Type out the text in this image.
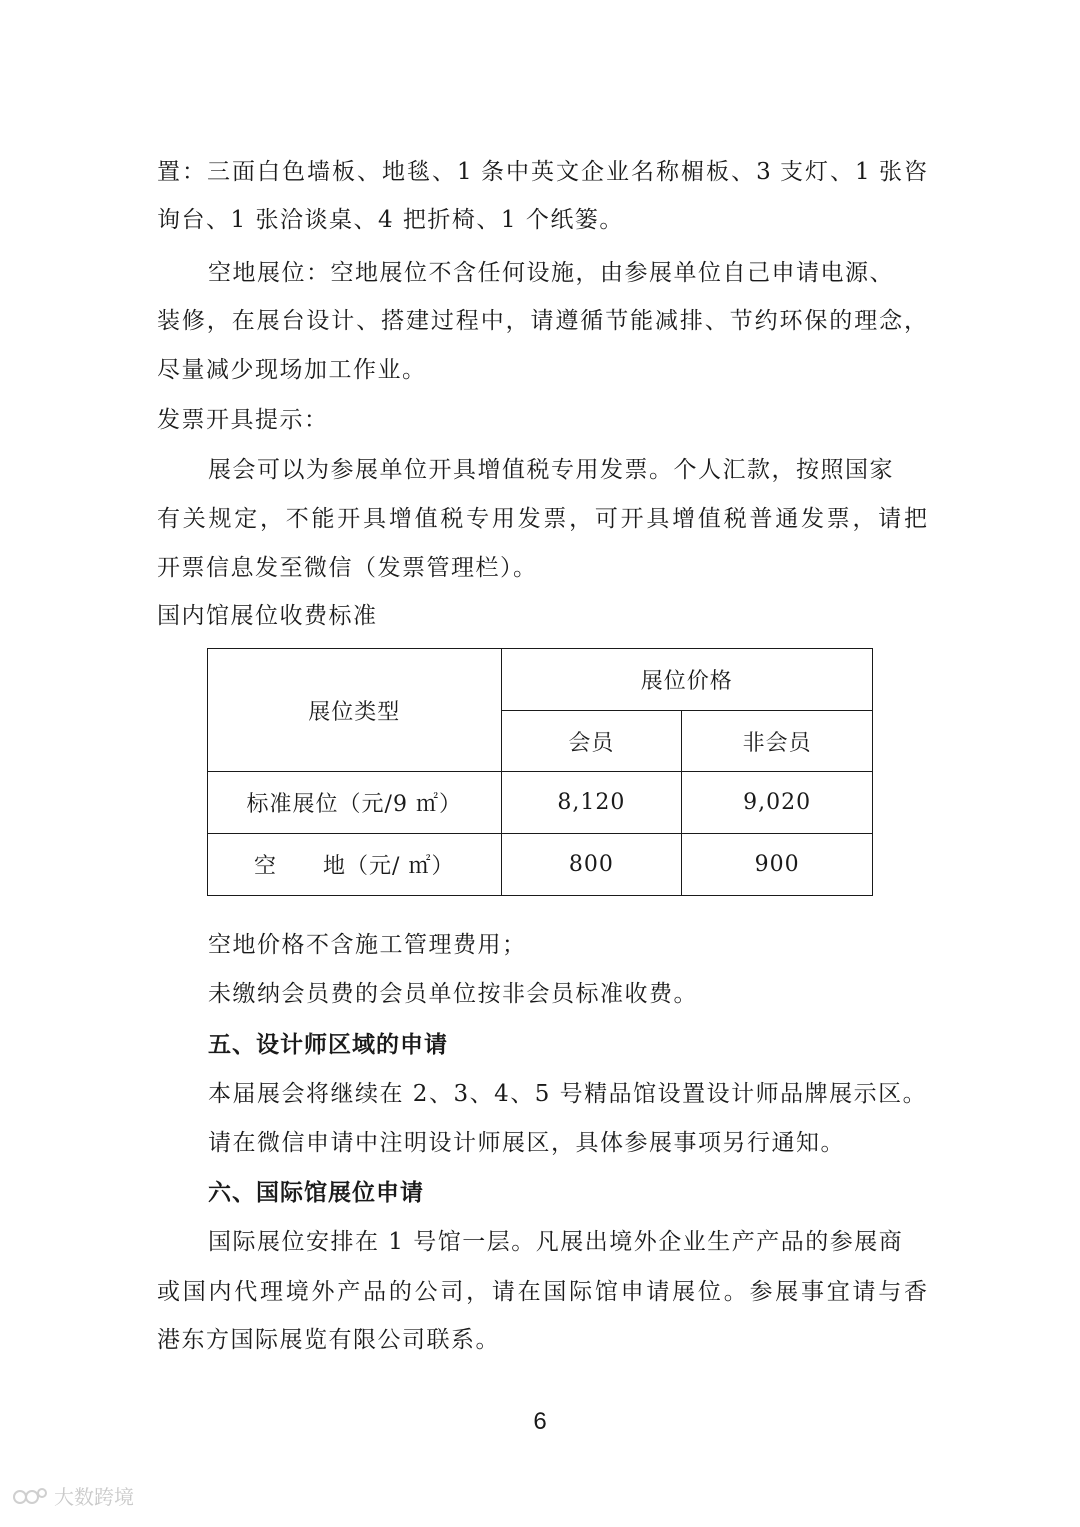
置：三面白色墙板、地毯、1 条中英文企业名称楣板、3 支灯、1 张咨
询台、1 张洽谈桌、4 把折椅、1 个纸篓。
空地展位：空地展位不含任何设施，由参展单位自己申请电源、
装修，在展台设计、搭建过程中，请遵循节能减排、节约环保的理念，
尽量减少现场加工作业。
发票开具提示：
展会可以为参展单位开具增值税专用发票。个人汇款，按照国家
有关规定，不能开具增值税专用发票，可开具增值税普通发票，请把
开票信息发至微信（发票管理栏）。
国内馆展位收费标准
展位类型	展位价格	
	会员	非会员
标准展位（元/9 ㎡）	8,120	9,020
空　　地（元/ ㎡）	800	900
空地价格不含施工管理费用；
未缴纳会员费的会员单位按非会员标准收费。
五、设计师区域的申请
本届展会将继续在 2、3、4、5 号精品馆设置设计师品牌展示区。
请在微信申请中注明设计师展区，具体参展事项另行通知。
六、国际馆展位申请
国际展位安排在 1 号馆一层。凡展出境外企业生产产品的参展商
或国内代理境外产品的公司，请在国际馆申请展位。参展事宜请与香
港东方国际展览有限公司联系。
6
大数跨境
